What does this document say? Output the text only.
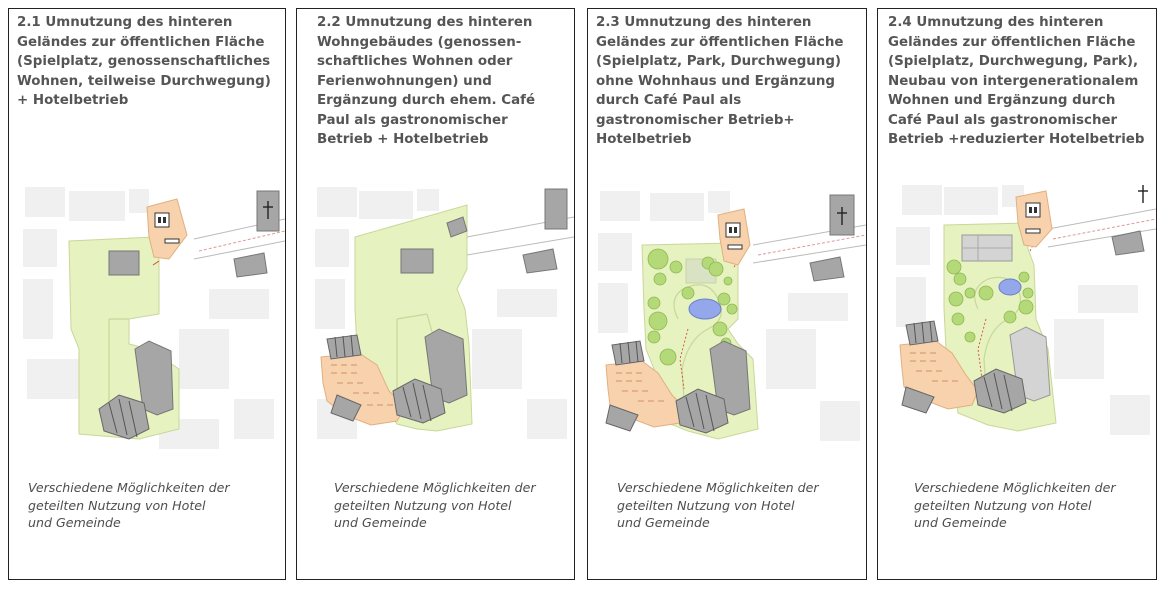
2.1 Umnutzung des hinteren
Geländes zur öffentlichen Fläche
(Spielplatz, genossenschaftliches
Wohnen, teilweise Durchwegung)
+ Hotelbetrieb

Verschiedene Möglichkeiten der
geteilten Nutzung von Hotel
und Gemeinde

2.2 Umnutzung des hinteren
Wohngebäudes (genossen-
schaftliches Wohnen oder
Ferienwohnungen) und
Ergänzung durch ehem. Café
Paul als gastronomischer
Betrieb + Hotelbetrieb

Verschiedene Möglichkeiten der
geteilten Nutzung von Hotel
und Gemeinde

2.3 Umnutzung des hinteren
Geländes zur öffentlichen Fläche
(Spielplatz, Park, Durchwegung)
ohne Wohnhaus und Ergänzung
durch Café Paul als
gastronomischer Betrieb+
Hotelbetrieb

Verschiedene Möglichkeiten der
geteilten Nutzung von Hotel
und Gemeinde

2.4 Umnutzung des hinteren
Geländes zur öffentlichen Fläche
(Spielplatz, Durchwegung, Park),
Neubau von intergenerationalem
Wohnen und Ergänzung durch
Café Paul als gastronomischer
Betrieb +reduzierter Hotelbetrieb

Verschiedene Möglichkeiten der
geteilten Nutzung von Hotel
und Gemeinde
